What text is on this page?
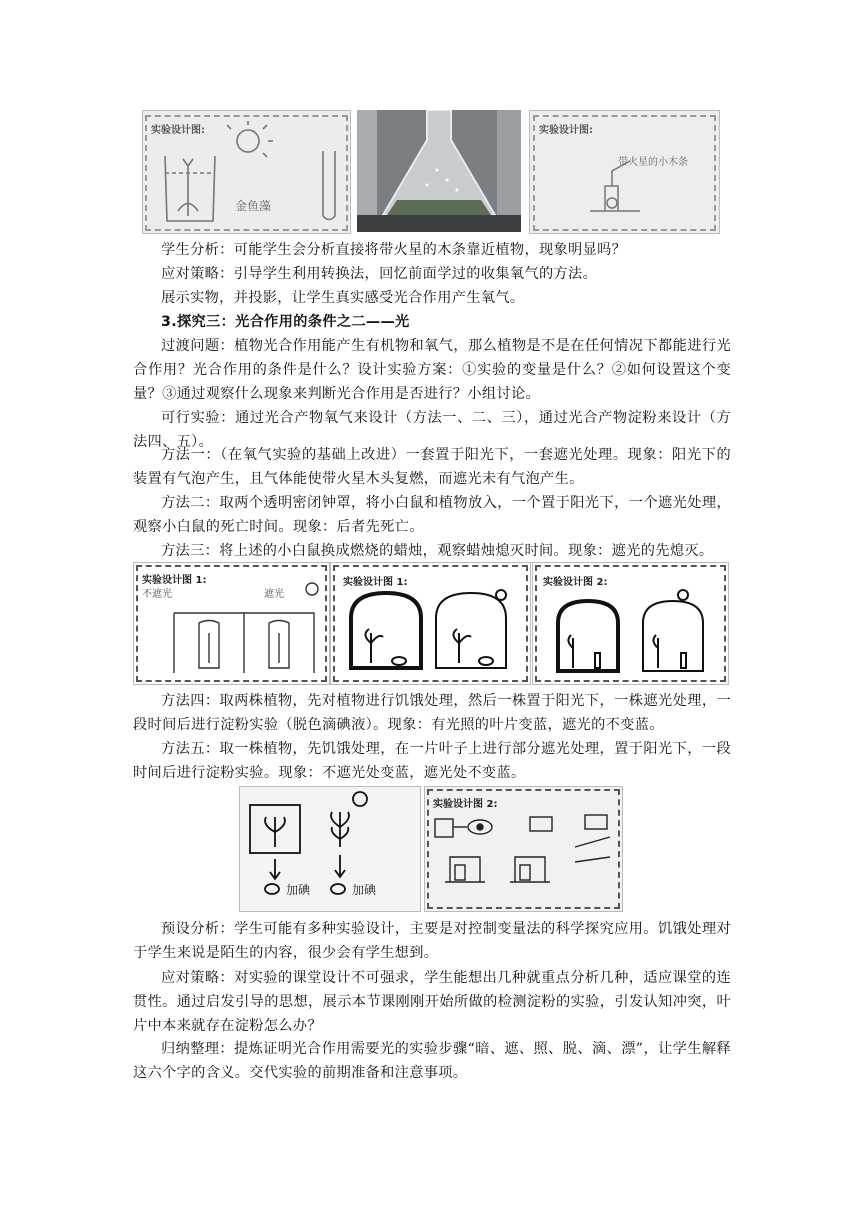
实验设计图:
金鱼藻
实验设计图:
带火星的小木条

学生分析：可能学生会分析直接将带火星的木条靠近植物，现象明显吗？

应对策略：引导学生利用转换法，回忆前面学过的收集氧气的方法。

展示实物，并投影，让学生真实感受光合作用产生氧气。

3.探究三：光合作用的条件之二——光

过渡问题：植物光合作用能产生有机物和氧气，那么植物是不是在任何情况下都能进行光合作用？光合作用的条件是什么？设计实验方案：①实验的变量是什么？②如何设置这个变量？③通过观察什么现象来判断光合作用是否进行？小组讨论。

可行实验：通过光合产物氧气来设计（方法一、二、三），通过光合产物淀粉来设计（方法四、五）。

方法一：（在氧气实验的基础上改进）一套置于阳光下，一套遮光处理。现象：阳光下的装置有气泡产生，且气体能使带火星木头复燃，而遮光未有气泡产生。

方法二：取两个透明密闭钟罩，将小白鼠和植物放入，一个置于阳光下，一个遮光处理，观察小白鼠的死亡时间。现象：后者先死亡。

方法三：将上述的小白鼠换成燃烧的蜡烛，观察蜡烛熄灭时间。现象：遮光的先熄灭。

实验设计图 1:
不遮光	遮光
实验设计图 1:	实验设计图 2:

方法四：取两株植物，先对植物进行饥饿处理，然后一株置于阳光下，一株遮光处理，一段时间后进行淀粉实验（脱色滴碘液）。现象：有光照的叶片变蓝，遮光的不变蓝。

方法五：取一株植物，先饥饿处理，在一片叶子上进行部分遮光处理，置于阳光下，一段时间后进行淀粉实验。现象：不遮光处变蓝，遮光处不变蓝。

加碘	加碘
实验设计图 2:

预设分析：学生可能有多种实验设计，主要是对控制变量法的科学探究应用。饥饿处理对于学生来说是陌生的内容，很少会有学生想到。

应对策略：对实验的课堂设计不可强求，学生能想出几种就重点分析几种，适应课堂的连贯性。通过启发引导的思想，展示本节课刚刚开始所做的检测淀粉的实验，引发认知冲突，叶片中本来就存在淀粉怎么办？

归纳整理：提炼证明光合作用需要光的实验步骤“暗、遮、照、脱、滴、漂”，让学生解释这六个字的含义。交代实验的前期准备和注意事项。
